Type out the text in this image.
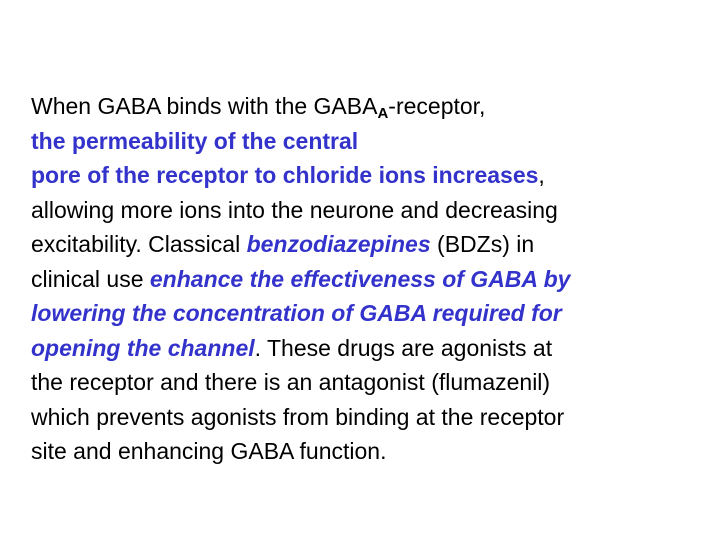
When GABA binds with the $GABA_A$-receptor,
the permeability of the central
pore of the receptor to chloride ions increases,
allowing more ions into the neurone and decreasing
excitability. Classical benzodiazepines (BDZs) in
clinical use enhance the effectiveness of GABA by
lowering the concentration of GABA required for
opening the channel. These drugs are agonists at
the receptor and there is an antagonist (flumazenil)
which prevents agonists from binding at the receptor
site and enhancing GABA function.
